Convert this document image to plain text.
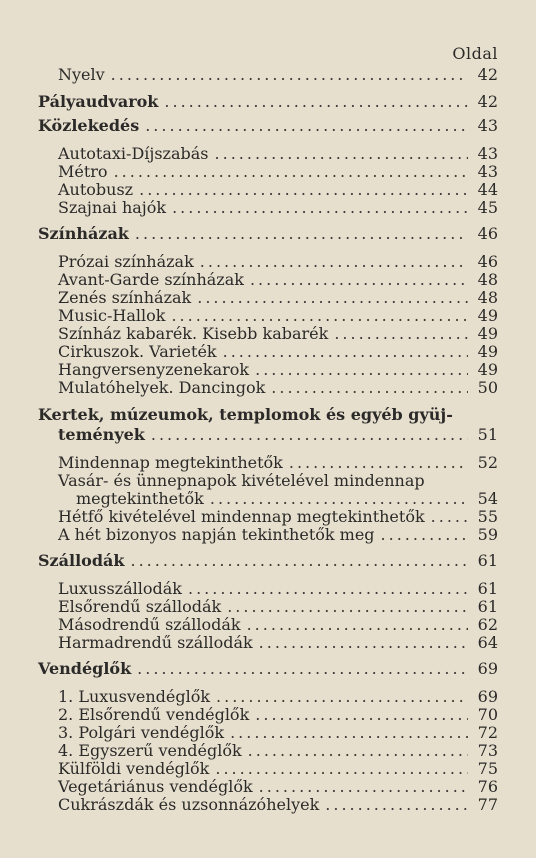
Oldal
Nyelv .....	42
Pályaudvarok .....	42
Közlekedés .....	43
Autotaxi-Díjszabás .....	43
Métro .....	43
Autobusz .....	44
Szajnai hajók .....	45
Színházak .....	46
Prózai színházak .....	46
Avant-Garde színházak .....	48
Zenés színházak .....	48
Music-Hallok .....	49
Színház kabarék. Kisebb kabarék .....	49
Cirkuszok. Varieték .....	49
Hangversenyzenekarok .....	49
Mulatóhelyek. Dancingok .....	50
Kertek, múzeumok, templomok és egyéb gyüj-
temények .....	51
Mindennap megtekinthetők .....	52
Vasár- és ünnepnapok kivételével mindennap
megtekinthetők .....	54
Hétfő kivételével mindennap megtekinthetők .....	55
A hét bizonyos napján tekinthetők meg .....	59
Szállodák .....	61
Luxusszállodák .....	61
Elsőrendű szállodák .....	61
Másodrendű szállodák .....	62
Harmadrendű szállodák .....	64
Vendéglők .....	69
1. Luxusvendéglők .....	69
2. Elsőrendű vendéglők .....	70
3. Polgári vendéglők .....	72
4. Egyszerű vendéglők .....	73
Külföldi vendéglők .....	75
Vegetáriánus vendéglők .....	76
Cukrászdák és uzsonnázóhelyek .....	77
